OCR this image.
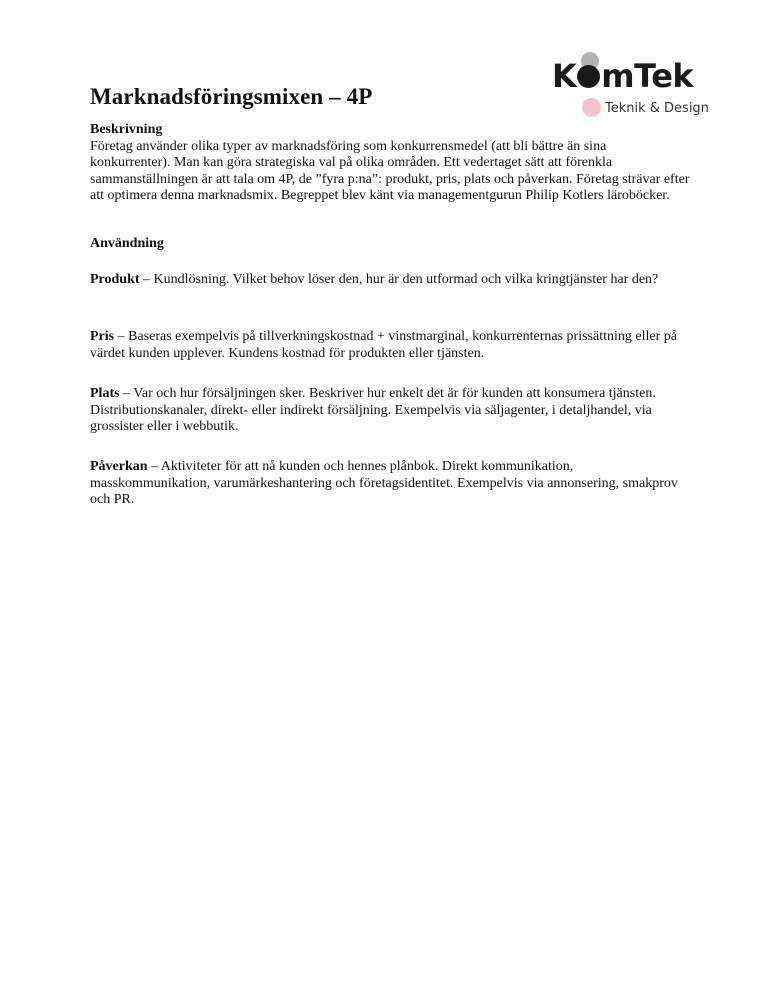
Marknadsföringsmixen – 4P
K mTek
Teknik & Design

Beskrivning

Företag använder olika typer av marknadsföring som konkurrensmedel (att bli bättre än sina konkurrenter). Man kan göra strategiska val på olika områden. Ett vedertaget sätt att förenkla sammanställningen är att tala om 4P, de ”fyra p:na”: produkt, pris, plats och påverkan. Företag strävar efter att optimera denna marknadsmix. Begreppet blev känt via managementgurun Philip Kotlers läroböcker.

Användning

Produkt – Kundlösning. Vilket behov löser den, hur är den utformad och vilka kringtjänster har den?

Pris – Baseras exempelvis på tillverkningskostnad + vinstmarginal, konkurrenternas prissättning eller på värdet kunden upplever. Kundens kostnad för produkten eller tjänsten.

Plats – Var och hur försäljningen sker. Beskriver hur enkelt det är för kunden att konsumera tjänsten. Distributionskanaler, direkt- eller indirekt försäljning. Exempelvis via säljagenter, i detaljhandel, via grossister eller i webbutik.

Påverkan – Aktiviteter för att nå kunden och hennes plånbok. Direkt kommunikation, masskommunikation, varumärkeshantering och företagsidentitet. Exempelvis via annonsering, smakprov och PR.
